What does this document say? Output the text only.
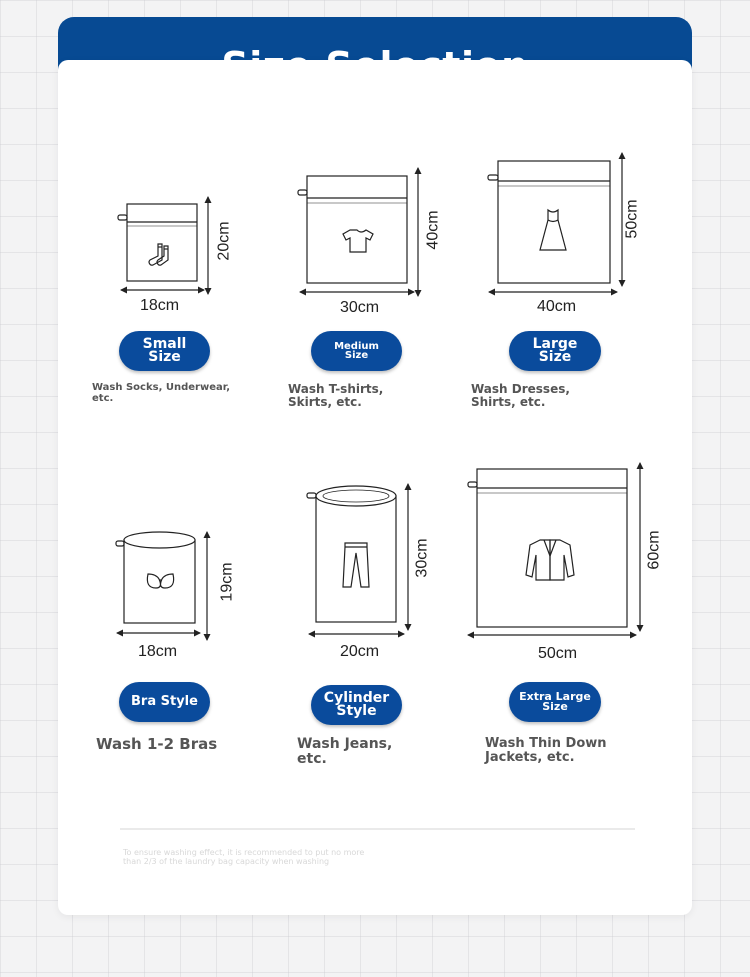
18cm
20cm
30cm
40cm
40cm
50cm
18cm
19cm
20cm
30cm
50cm
60cm
Small
Size
Medium
Size
Large
Size
Bra Style	Cylinder
Style
Extra Large
Size
Wash Socks, Underwear,
etc.
Wash T-shirts,
Skirts, etc.
Wash Dresses,
Shirts, etc.
Wash 1-2 Bras	Wash Jeans,
etc.
Wash Thin Down
Jackets, etc.
To ensure washing effect, it is recommended to put no more
than 2/3 of the laundry bag capacity when washing
